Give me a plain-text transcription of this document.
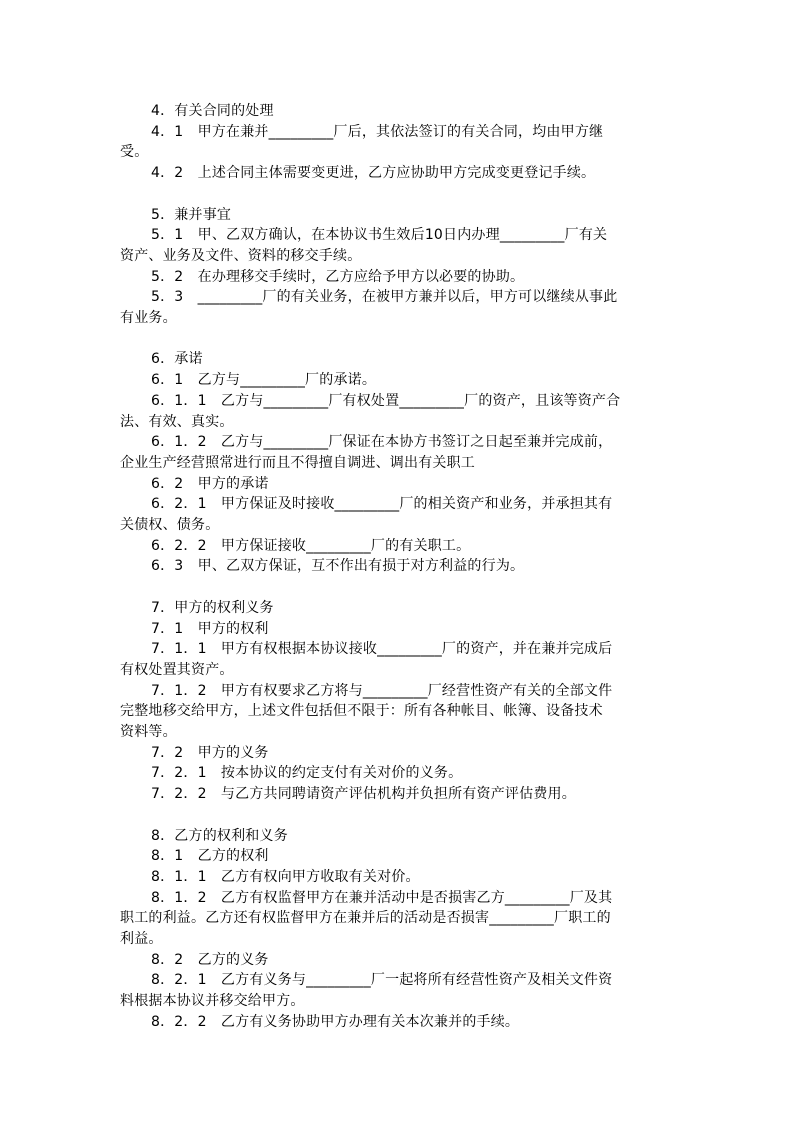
4．有关合同的处理
4．1　甲方在兼并_________厂后，其依法签订的有关合同，均由甲方继
受。
4．2　上述合同主体需要变更进，乙方应协助甲方完成变更登记手续。
5．兼并事宜
5．1　甲、乙双方确认，在本协议书生效后10日内办理_________厂有关
资产、业务及文件、资料的移交手续。
5．2　在办理移交手续时，乙方应给予甲方以必要的协助。
5．3　_________厂的有关业务，在被甲方兼并以后，甲方可以继续从事此
有业务。
6．承诺
6．1　乙方与_________厂的承诺。
6．1．1　乙方与_________厂有权处置_________厂的资产，且该等资产合
法、有效、真实。
6．1．2　乙方与_________厂保证在本协方书签订之日起至兼并完成前，
企业生产经营照常进行而且不得擅自调进、调出有关职工
6．2　甲方的承诺
6．2．1　甲方保证及时接收_________厂的相关资产和业务，并承担其有
关债权、债务。
6．2．2　甲方保证接收_________厂的有关职工。
6．3　甲、乙双方保证，互不作出有损于对方利益的行为。
7．甲方的权利义务
7．1　甲方的权利
7．1．1　甲方有权根据本协议接收_________厂的资产，并在兼并完成后
有权处置其资产。
7．1．2　甲方有权要求乙方将与_________厂经营性资产有关的全部文件
完整地移交给甲方，上述文件包括但不限于：所有各种帐目、帐簿、设备技术
资料等。
7．2　甲方的义务
7．2．1　按本协议的约定支付有关对价的义务。
7．2．2　与乙方共同聘请资产评估机构并负担所有资产评估费用。
8．乙方的权利和义务
8．1　乙方的权利
8．1．1　乙方有权向甲方收取有关对价。
8．1．2　乙方有权监督甲方在兼并活动中是否损害乙方_________厂及其
职工的利益。乙方还有权监督甲方在兼并后的活动是否损害_________厂职工的
利益。
8．2　乙方的义务
8．2．1　乙方有义务与_________厂一起将所有经营性资产及相关文件资
料根据本协议并移交给甲方。
8．2．2　乙方有义务协助甲方办理有关本次兼并的手续。
